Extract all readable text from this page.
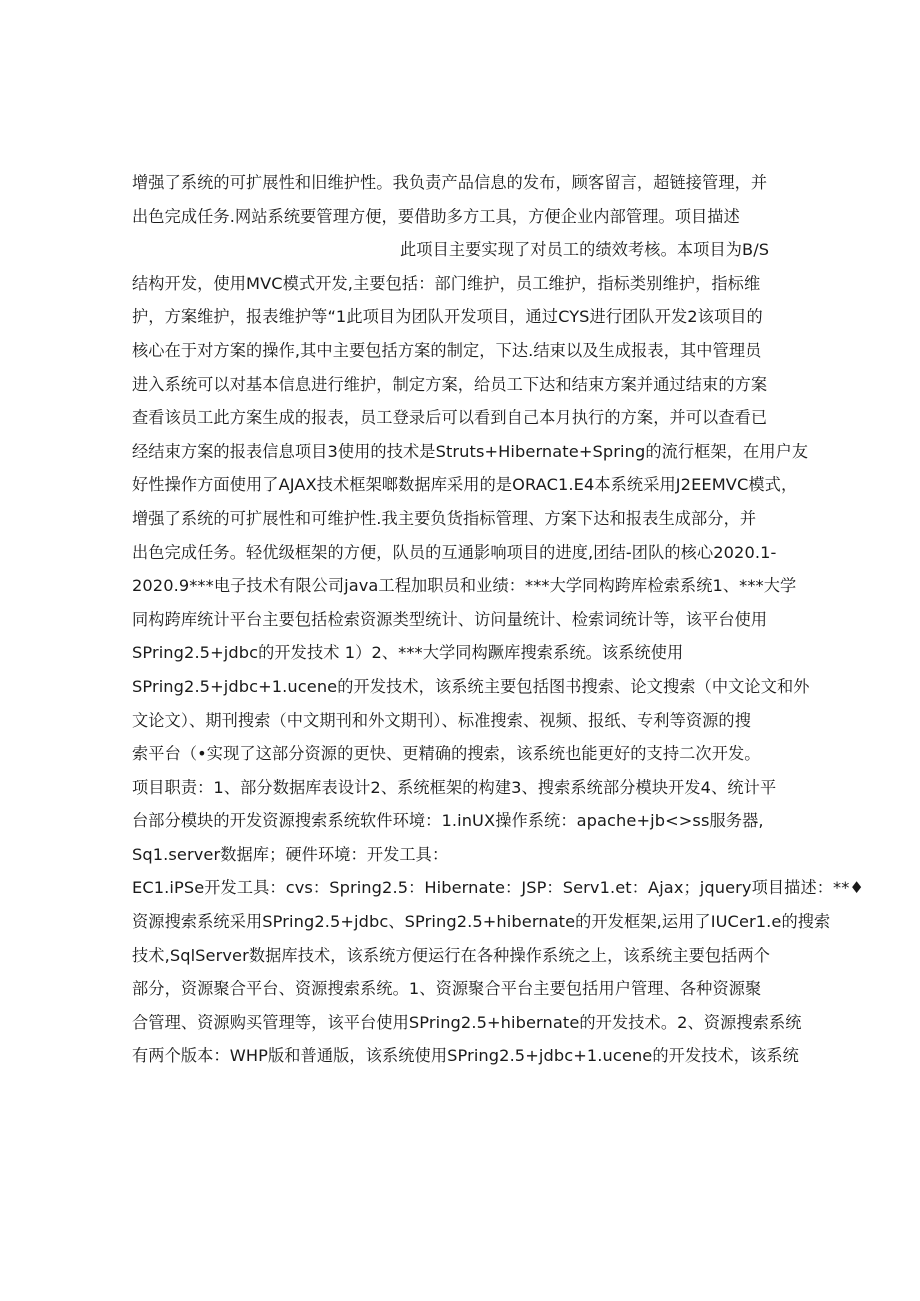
增强了系统的可扩展性和旧维护性。我负责产品信息的发布，顾客留言，超链接管理，并
出色完成任务.网站系统要管理方便，要借助多方工具，方便企业内部管理。项目描述
此项目主要实现了对员工的绩效考核。本项目为B/S
结构开发，使用MVC模式开发,主要包括：部门维护，员工维护，指标类别维护，指标维
护，方案维护，报表维护等“1此项目为团队开发项目，通过CYS进行团队开发2该项目的
核心在于对方案的操作,其中主要包括方案的制定，下达.结束以及生成报表，其中管理员
进入系统可以对基本信息进行维护，制定方案，给员工下达和结束方案并通过结束的方案
查看该员工此方案生成的报表，员工登录后可以看到自己本月执行的方案，并可以查看已
经结束方案的报表信息项目3使用的技术是Struts+Hibernate+Spring的流行框架，在用户友
好性操作方面使用了AJAX技术框架啷数据库采用的是ORAC1.E4本系统采用J2EEMVC模式，
增强了系统的可扩展性和可维护性.我主要负货指标管理、方案下达和报表生成部分，并
出色完成任务。轻优级框架的方便，队员的互通影响项目的进度,团结-团队的核心2020.1-
2020.9***电子技术有限公司java工程加职员和业绩：***大学同构跨库检索系统1、***大学
同构跨库统计平台主要包括检索资源类型统计、访问量统计、检索词统计等，该平台使用
SPring2.5+jdbc的开发技术 1）2、***大学同构蹶库搜索系统。该系统使用
SPring2.5+jdbc+1.ucene的开发技术，该系统主要包括图书搜索、论文搜索（中文论文和外
文论文）、期刊搜索（中文期刊和外文期刊）、标准搜索、视频、报纸、专利等资源的搜
索平台（•实现了这部分资源的更快、更精确的搜索，该系统也能更好的支持二次开发。
项目职责：1、部分数据库表设计2、系统框架的构建3、搜索系统部分模块开发4、统计平
台部分模块的开发资源搜索系统软件环境：1.inUX操作系统：apache+jb<>ss服务器,
Sq1.server数据库；硬件环境：开发工具：
EC1.iPSe开发工具：cvs：Spring2.5：Hibernate：JSP：Serv1.et：Ajax；jquery项目描述：**♦
资源搜索系统采用SPring2.5+jdbc、SPring2.5+hibernate的开发框架,运用了IUCer1.e的搜索
技术,SqlServer数据库技术，该系统方便运行在各种操作系统之上，该系统主要包括两个
部分，资源聚合平台、资源搜索系统。1、资源聚合平台主要包括用户管理、各种资源聚
合管理、资源购买管理等，该平台使用SPring2.5+hibernate的开发技术。2、资源搜索系统
有两个版本：WHP版和普通版，该系统使用SPring2.5+jdbc+1.ucene的开发技术，该系统
